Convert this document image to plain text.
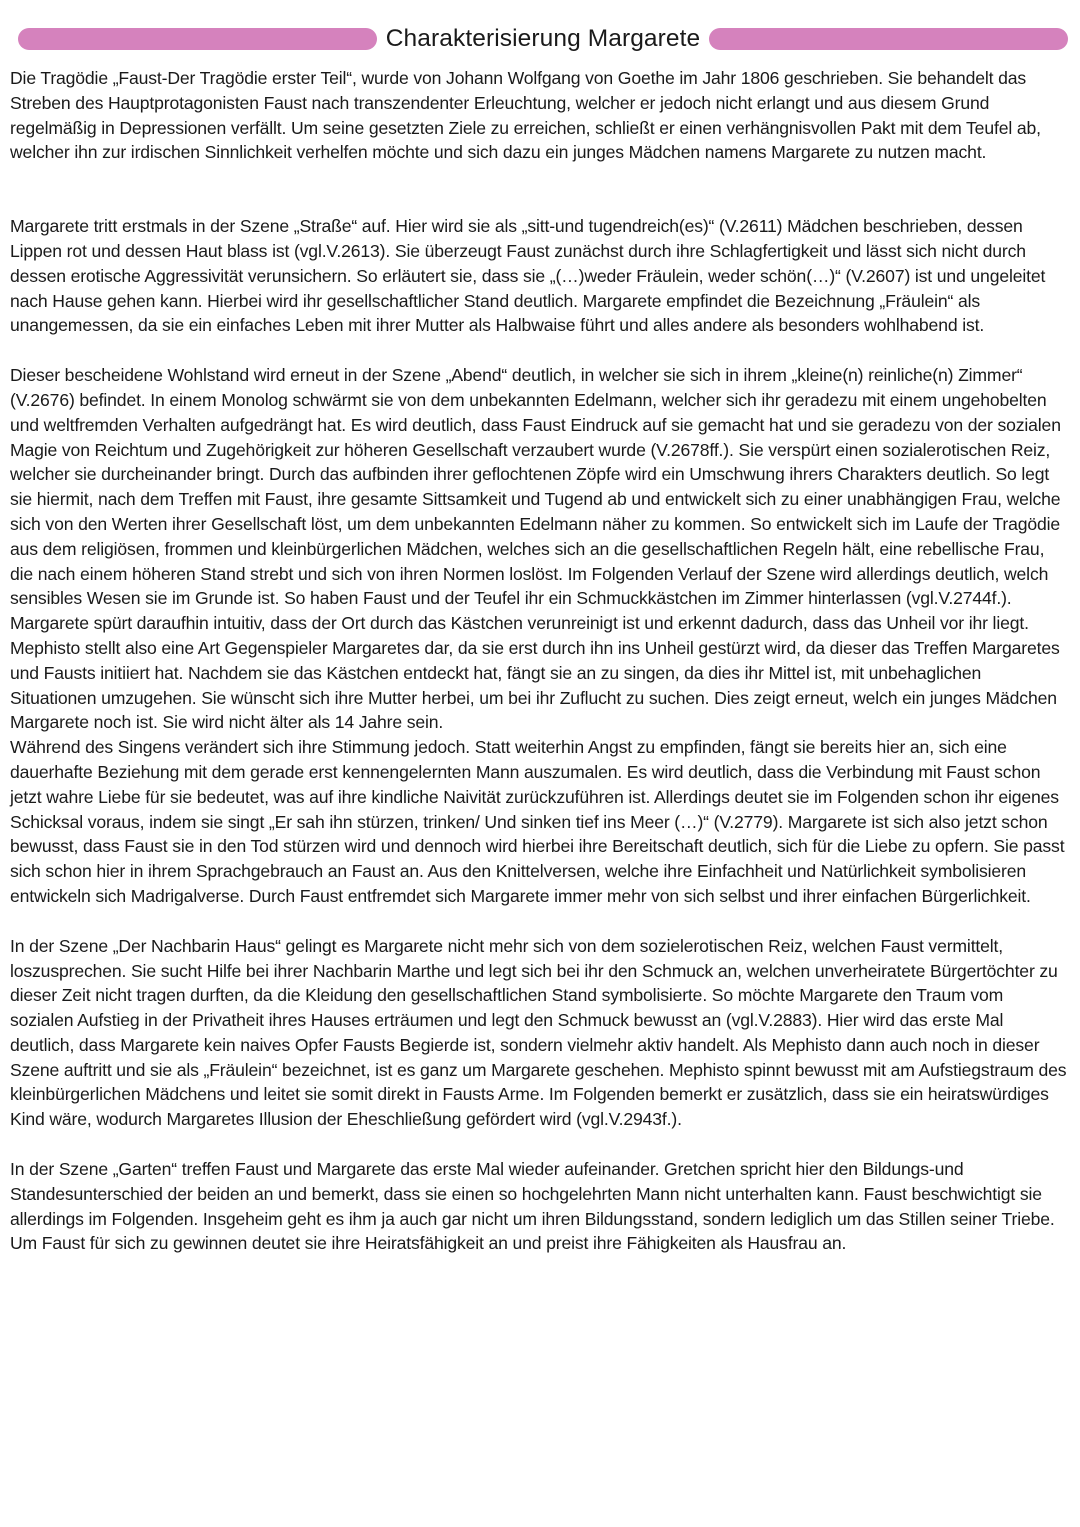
Charakterisierung Margarete

Die Tragödie „Faust-Der Tragödie erster Teil“, wurde von Johann Wolfgang von Goethe im Jahr 1806 geschrieben. Sie behandelt das Streben des Hauptprotagonisten Faust nach transzendenter Erleuchtung, welcher er jedoch nicht erlangt und aus diesem Grund regelmäßig in Depressionen verfällt. Um seine gesetzten Ziele zu erreichen, schließt er einen verhängnisvollen Pakt mit dem Teufel ab, welcher ihn zur irdischen Sinnlichkeit verhelfen möchte und sich dazu ein junges Mädchen namens Margarete zu nutzen macht.

Margarete tritt erstmals in der Szene „Straße“ auf. Hier wird sie als „sitt-und tugendreich(es)“ (V.2611) Mädchen beschrieben, dessen Lippen rot und dessen Haut blass ist (vgl.V.2613). Sie überzeugt Faust zunächst durch ihre Schlagfertigkeit und lässt sich nicht durch dessen erotische Aggressivität verunsichern. So erläutert sie, dass sie „(…)weder Fräulein, weder schön(…)“ (V.2607) ist und ungeleitet nach Hause gehen kann. Hierbei wird ihr gesellschaftlicher Stand deutlich. Margarete empfindet die Bezeichnung „Fräulein“ als unangemessen, da sie ein einfaches Leben mit ihrer Mutter als Halbwaise führt und alles andere als besonders wohlhabend ist.

Dieser bescheidene Wohlstand wird erneut in der Szene „Abend“ deutlich, in welcher sie sich in ihrem „kleine(n) reinliche(n) Zimmer“ (V.2676) befindet. In einem Monolog schwärmt sie von dem unbekannten Edelmann, welcher sich ihr geradezu mit einem ungehobelten und weltfremden Verhalten aufgedrängt hat. Es wird deutlich, dass Faust Eindruck auf sie gemacht hat und sie geradezu von der sozialen Magie von Reichtum und Zugehörigkeit zur höheren Gesellschaft verzaubert wurde (V.2678ff.). Sie verspürt einen sozialerotischen Reiz, welcher sie durcheinander bringt. Durch das aufbinden ihrer geflochtenen Zöpfe wird ein Umschwung ihrers Charakters deutlich. So legt sie hiermit, nach dem Treffen mit Faust, ihre gesamte Sittsamkeit und Tugend ab und entwickelt sich zu einer unabhängigen Frau, welche sich von den Werten ihrer Gesellschaft löst, um dem unbekannten Edelmann näher zu kommen. So entwickelt sich im Laufe der Tragödie aus dem religiösen, frommen und kleinbürgerlichen Mädchen, welches sich an die gesellschaftlichen Regeln hält, eine rebellische Frau, die nach einem höheren Stand strebt und sich von ihren Normen loslöst. Im Folgenden Verlauf der Szene wird allerdings deutlich, welch sensibles Wesen sie im Grunde ist. So haben Faust und der Teufel ihr ein Schmuckkästchen im Zimmer hinterlassen (vgl.V.2744f.). Margarete spürt daraufhin intuitiv, dass der Ort durch das Kästchen verunreinigt ist und erkennt dadurch, dass das Unheil vor ihr liegt. Mephisto stellt also eine Art Gegenspieler Margaretes dar, da sie erst durch ihn ins Unheil gestürzt wird, da dieser das Treffen Margaretes und Fausts initiiert hat. Nachdem sie das Kästchen entdeckt hat, fängt sie an zu singen, da dies ihr Mittel ist, mit unbehaglichen Situationen umzugehen. Sie wünscht sich ihre Mutter herbei, um bei ihr Zuflucht zu suchen. Dies zeigt erneut, welch ein junges Mädchen Margarete noch ist. Sie wird nicht älter als 14 Jahre sein.

Während des Singens verändert sich ihre Stimmung jedoch. Statt weiterhin Angst zu empfinden, fängt sie bereits hier an, sich eine dauerhafte Beziehung mit dem gerade erst kennengelernten Mann auszumalen. Es wird deutlich, dass die Verbindung mit Faust schon jetzt wahre Liebe für sie bedeutet, was auf ihre kindliche Naivität zurückzuführen ist. Allerdings deutet sie im Folgenden schon ihr eigenes Schicksal voraus, indem sie singt „Er sah ihn stürzen, trinken/ Und sinken tief ins Meer (…)“ (V.2779). Margarete ist sich also jetzt schon bewusst, dass Faust sie in den Tod stürzen wird und dennoch wird hierbei ihre Bereitschaft deutlich, sich für die Liebe zu opfern. Sie passt sich schon hier in ihrem Sprachgebrauch an Faust an. Aus den Knittelversen, welche ihre Einfachheit und Natürlichkeit symbolisieren entwickeln sich Madrigalverse. Durch Faust entfremdet sich Margarete immer mehr von sich selbst und ihrer einfachen Bürgerlichkeit.

In der Szene „Der Nachbarin Haus“ gelingt es Margarete nicht mehr sich von dem sozielerotischen Reiz, welchen Faust vermittelt, loszusprechen. Sie sucht Hilfe bei ihrer Nachbarin Marthe und legt sich bei ihr den Schmuck an, welchen unverheiratete Bürgertöchter zu dieser Zeit nicht tragen durften, da die Kleidung den gesellschaftlichen Stand symbolisierte. So möchte Margarete den Traum vom sozialen Aufstieg in der Privatheit ihres Hauses erträumen und legt den Schmuck bewusst an (vgl.V.2883). Hier wird das erste Mal deutlich, dass Margarete kein naives Opfer Fausts Begierde ist, sondern vielmehr aktiv handelt. Als Mephisto dann auch noch in dieser Szene auftritt und sie als „Fräulein“ bezeichnet, ist es ganz um Margarete geschehen. Mephisto spinnt bewusst mit am Aufstiegstraum des kleinbürgerlichen Mädchens und leitet sie somit direkt in Fausts Arme. Im Folgenden bemerkt er zusätzlich, dass sie ein heiratswürdiges Kind wäre, wodurch Margaretes Illusion der Eheschließung gefördert wird (vgl.V.2943f.).

In der Szene „Garten“ treffen Faust und Margarete das erste Mal wieder aufeinander. Gretchen spricht hier den Bildungs-und Standesunterschied der beiden an und bemerkt, dass sie einen so hochgelehrten Mann nicht unterhalten kann. Faust beschwichtigt sie allerdings im Folgenden. Insgeheim geht es ihm ja auch gar nicht um ihren Bildungsstand, sondern lediglich um das Stillen seiner Triebe. Um Faust für sich zu gewinnen deutet sie ihre Heiratsfähigkeit an und preist ihre Fähigkeiten als Hausfrau an.
